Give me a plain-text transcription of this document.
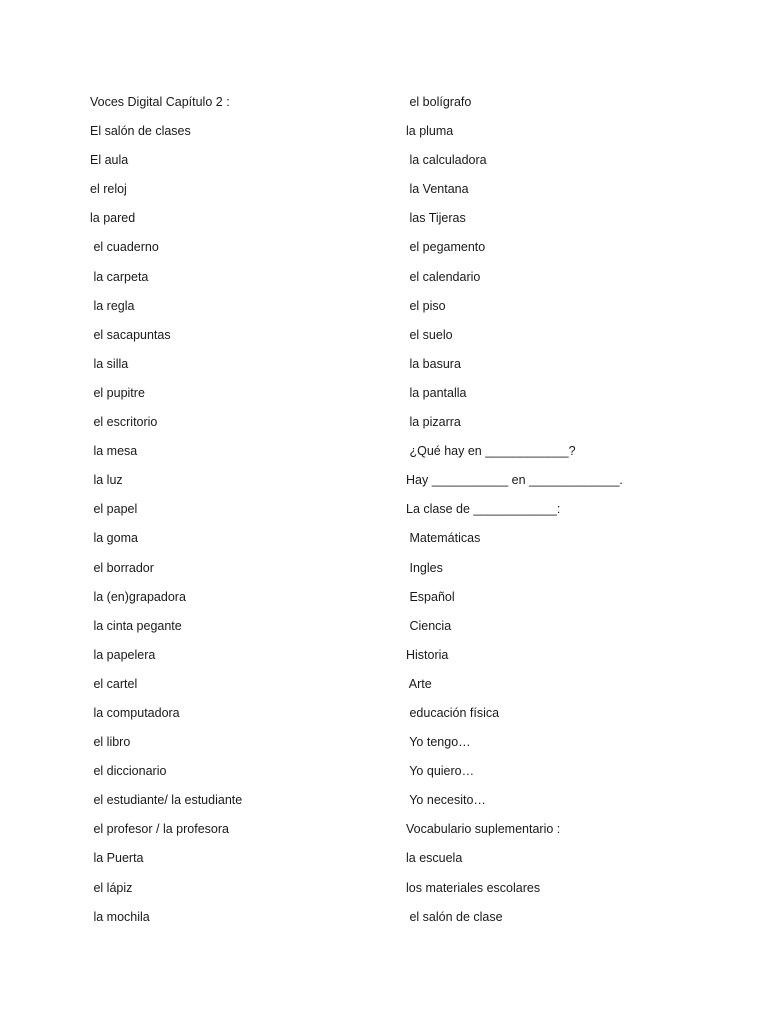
Voces Digital Capítulo 2 :
El salón de clases
El aula
el reloj
la pared
el cuaderno
la carpeta
la regla
el sacapuntas
la silla
el pupitre
el escritorio
la mesa
la luz
el papel
la goma
el borrador
la (en)grapadora
la cinta pegante
la papelera
el cartel
la computadora
el libro
el diccionario
el estudiante/ la estudiante
el profesor / la profesora
la Puerta
el lápiz
la mochila
el bolígrafo
la pluma
la calculadora
la Ventana
las Tijeras
el pegamento
el calendario
el piso
el suelo
la basura
la pantalla
la pizarra
¿Qué hay en ____________?
Hay ___________ en _____________.
La clase de ____________:
Matemáticas
Ingles
Español
Ciencia
Historia
Arte
educación física
Yo tengo…
Yo quiero…
Yo necesito…
Vocabulario suplementario :
la escuela
los materiales escolares
el salón de clase
